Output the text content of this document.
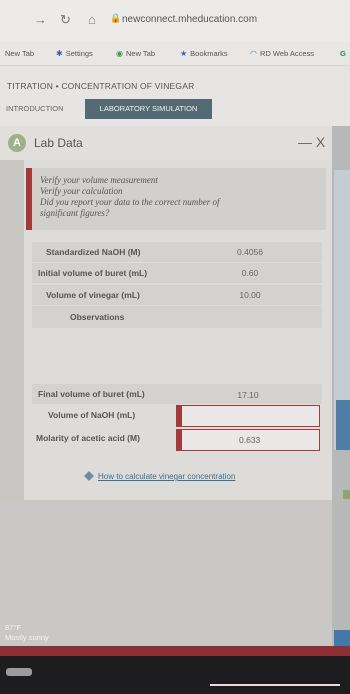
→ ↻ ⌂ 🔒 newconnect.mheducation.com
New Tab	✱ Settings	◉ New Tab	★ Bookmarks	◠ RD Web Access	G
TITRATION • CONCENTRATION OF VINEGAR
INTRODUCTION	LABORATORY SIMULATION
A	Lab Data	— X

Verify your volume measurement

Verify your calculation

Did you report your data to the correct number of

significant figures?

Standardized NaOH (M)	0.4056
Initial volume of buret (mL)	0.60
Volume of vinegar (mL)	10.00
Observations
Final volume of buret (mL)	17.10
Volume of NaOH (mL)
Molarity of acetic acid (M)	0.633
How to calculate vinegar concentration
87°F
Mostly sunny
